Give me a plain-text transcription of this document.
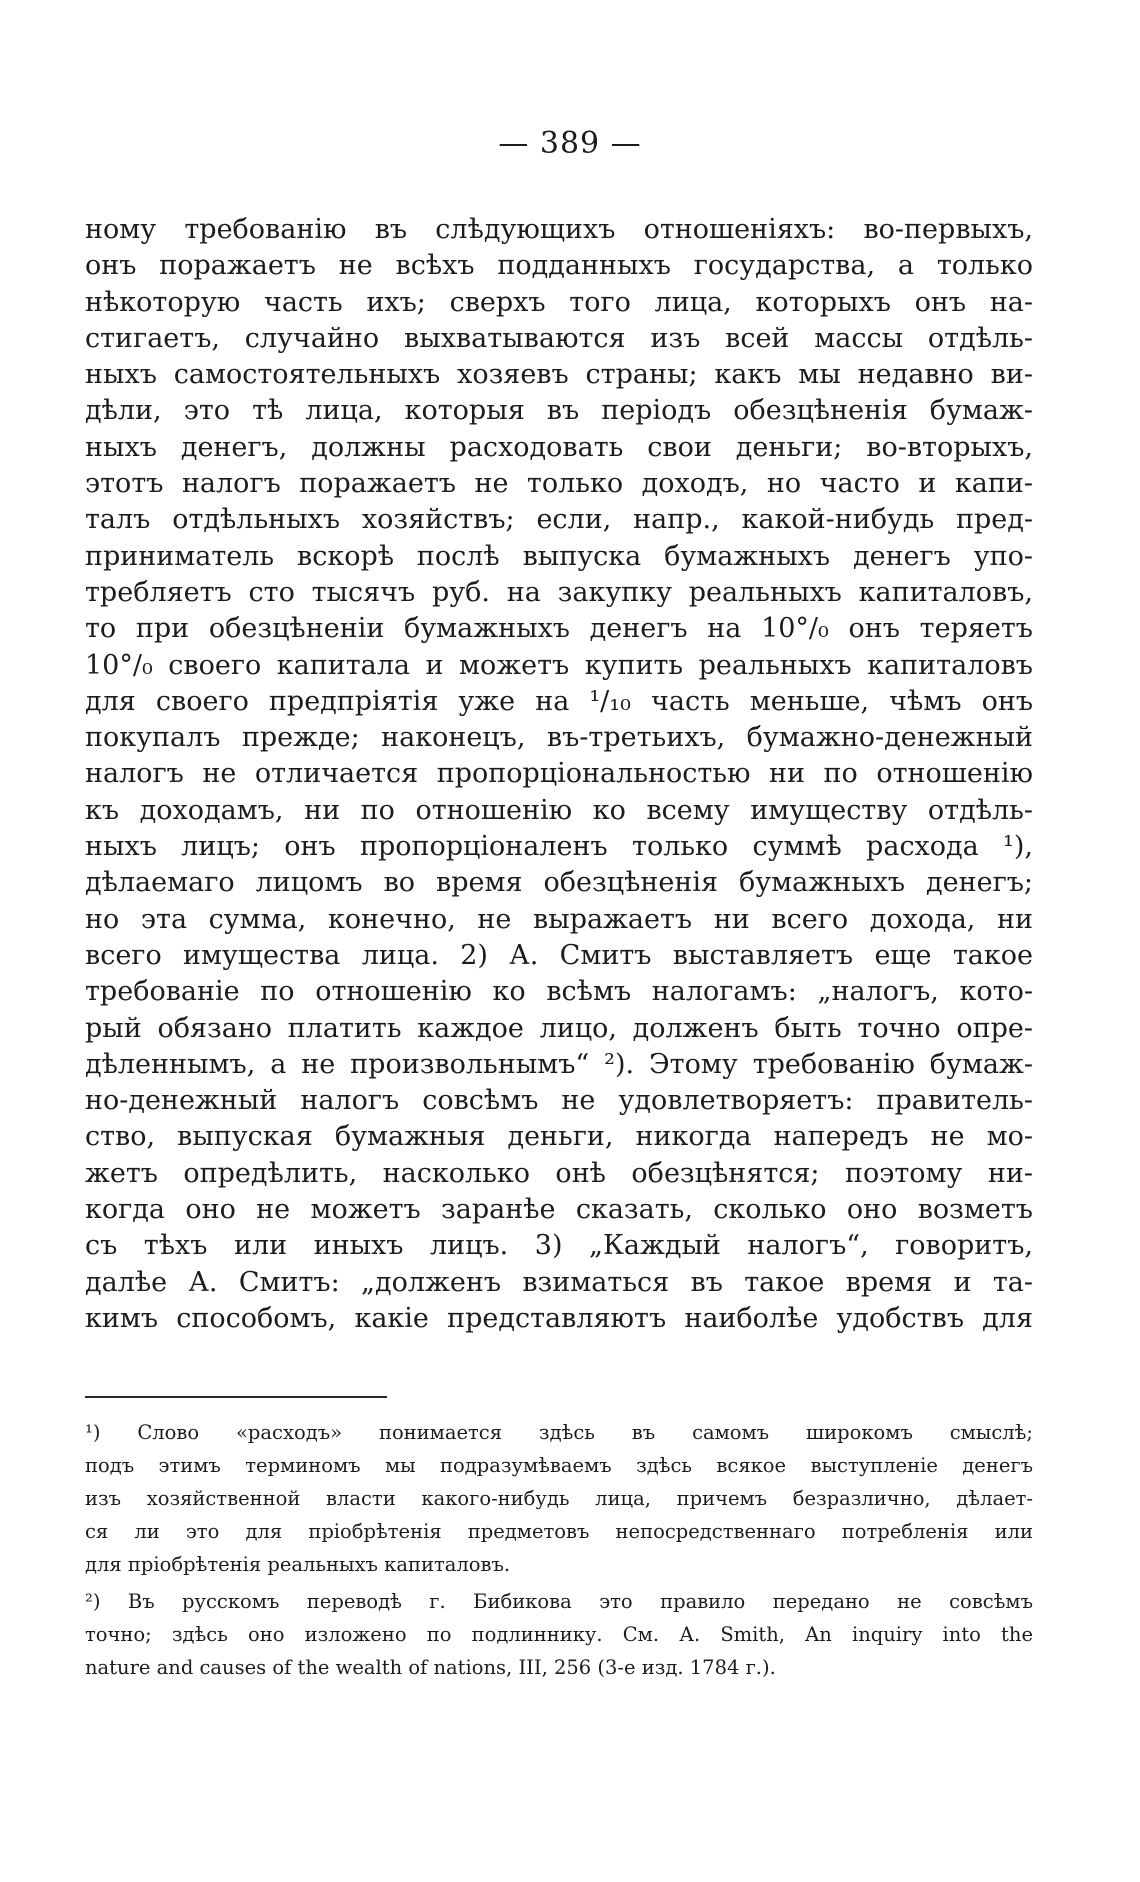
— 389 —
ному требованію въ слѣдующихъ отношеніяхъ: во-первыхъ,
онъ поражаетъ не всѣхъ подданныхъ государства, а только
нѣкоторую часть ихъ; сверхъ того лица, которыхъ онъ на-
стигаетъ, случайно выхватываются изъ всей массы отдѣль-
ныхъ самостоятельныхъ хозяевъ страны; какъ мы недавно ви-
дѣли, это тѣ лица, которыя въ періодъ обезцѣненія бумаж-
ныхъ денегъ, должны расходовать свои деньги; во-вторыхъ,
этотъ налогъ поражаетъ не только доходъ, но часто и капи-
талъ отдѣльныхъ хозяйствъ; если, напр., какой-нибудь пред-
приниматель вскорѣ послѣ выпуска бумажныхъ денегъ упо-
требляетъ сто тысячъ руб. на закупку реальныхъ капиталовъ,
то при обезцѣненіи бумажныхъ денегъ на 10°/₀ онъ теряетъ
10°/₀ своего капитала и можетъ купить реальныхъ капиталовъ
для своего предпріятія уже на ¹/₁₀ часть меньше, чѣмъ онъ
покупалъ прежде; наконецъ, въ-третьихъ, бумажно-денежный
налогъ не отличается пропорціональностью ни по отношенію
къ доходамъ, ни по отношенію ко всему имуществу отдѣль-
ныхъ лицъ; онъ пропорціоналенъ только суммѣ расхода ¹),
дѣлаемаго лицомъ во время обезцѣненія бумажныхъ денегъ;
но эта сумма, конечно, не выражаетъ ни всего дохода, ни
всего имущества лица. 2) А. Смитъ выставляетъ еще такое
требованіе по отношенію ко всѣмъ налогамъ: „налогъ, кото-
рый обязано платить каждое лицо, долженъ быть точно опре-
дѣленнымъ, а не произвольнымъ“ ²). Этому требованію бумаж-
но-денежный налогъ совсѣмъ не удовлетворяетъ: правитель-
ство, выпуская бумажныя деньги, никогда напередъ не мо-
жетъ опредѣлить, насколько онѣ обезцѣнятся; поэтому ни-
когда оно не можетъ заранѣе сказать, сколько оно возметъ
съ тѣхъ или иныхъ лицъ. 3) „Каждый налогъ“, говоритъ,
далѣе А. Смитъ: „долженъ взиматься въ такое время и та-
кимъ способомъ, какіе представляютъ наиболѣе удобствъ для
¹) Слово «расходъ» понимается здѣсь въ самомъ широкомъ смыслѣ;
подъ этимъ терминомъ мы подразумѣваемъ здѣсь всякое выступленіе денегъ
изъ хозяйственной власти какого-нибудь лица, причемъ безразлично, дѣлает-
ся ли это для пріобрѣтенія предметовъ непосредственнаго потребленія или
для пріобрѣтенія реальныхъ капиталовъ.
²) Въ русскомъ переводѣ г. Бибикова это правило передано не совсѣмъ
точно; здѣсь оно изложено по подлиннику. См. А. Smith, An inquiry into the
nature and causes of the wealth of nations, III, 256 (3-е изд. 1784 г.).
